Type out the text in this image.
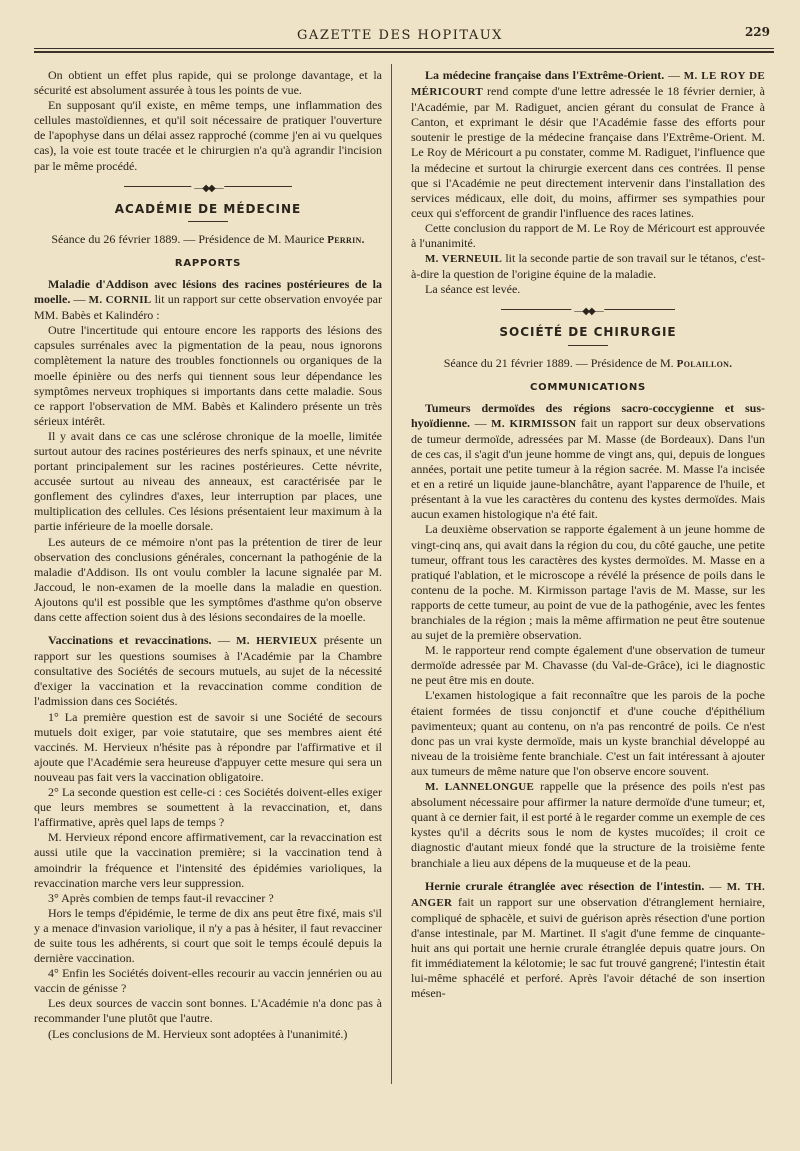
GAZETTE DES HOPITAUX	229

On obtient un effet plus rapide, qui se prolonge davantage, et la sécurité est absolument assurée à tous les points de vue.

En supposant qu'il existe, en même temps, une inflammation des cellules mastoïdiennes, et qu'il soit nécessaire de pratiquer l'ouverture de l'apophyse dans un délai assez rapproché (comme j'en ai vu quelques cas), la voie est toute tracée et le chirurgien n'a qu'à agrandir l'incision par le même procédé.

—◆◆—
ACADÉMIE DE MÉDECINE

Séance du 26 février 1889. — Présidence de M. Maurice Perrin.

RAPPORTS

Maladie d'Addison avec lésions des racines postérieures de la moelle. — M. CORNIL lit un rapport sur cette observation envoyée par MM. Babès et Kalindéro :

Outre l'incertitude qui entoure encore les rapports des lésions des capsules surrénales avec la pigmentation de la peau, nous ignorons complètement la nature des troubles fonctionnels ou organiques de la moelle épinière ou des nerfs qui tiennent sous leur dépendance les symptômes nerveux trophiques si importants dans cette maladie. Sous ce rapport l'observation de MM. Babès et Kalindero présente un très sérieux intérêt.

Il y avait dans ce cas une sclérose chronique de la moelle, limitée surtout autour des racines postérieures des nerfs spinaux, et une névrite portant principalement sur les racines postérieures. Cette névrite, accusée surtout au niveau des anneaux, est caractérisée par le gonflement des cylindres d'axes, leur interruption par places, une multiplication des cellules. Ces lésions présentaient leur maximum à la partie inférieure de la moelle dorsale.

Les auteurs de ce mémoire n'ont pas la prétention de tirer de leur observation des conclusions générales, concernant la pathogénie de la maladie d'Addison. Ils ont voulu combler la lacune signalée par M. Jaccoud, le non-examen de la moelle dans la maladie en question. Ajoutons qu'il est possible que les symptômes d'asthme qu'on observe dans cette affection soient dus à des lésions secondaires de la moelle.

Vaccinations et revaccinations. — M. HERVIEUX présente un rapport sur les questions soumises à l'Académie par la Chambre consultative des Sociétés de secours mutuels, au sujet de la nécessité d'exiger la vaccination et la revaccination comme condition de l'admission dans ces Sociétés.

1° La première question est de savoir si une Société de secours mutuels doit exiger, par voie statutaire, que ses membres aient été vaccinés. M. Hervieux n'hésite pas à répondre par l'affirmative et il ajoute que l'Académie sera heureuse d'appuyer cette mesure qui sera un nouveau pas fait vers la vaccination obligatoire.

2° La seconde question est celle-ci : ces Sociétés doivent-elles exiger que leurs membres se soumettent à la revaccination, et, dans l'affirmative, après quel laps de temps ?

M. Hervieux répond encore affirmativement, car la revaccination est aussi utile que la vaccination première; si la vaccination tend à amoindrir la fréquence et l'intensité des épidémies varioliques, la revaccination marche vers leur suppression.

3° Après combien de temps faut-il revacciner ?

Hors le temps d'épidémie, le terme de dix ans peut être fixé, mais s'il y a menace d'invasion variolique, il n'y a pas à hésiter, il faut revacciner de suite tous les adhérents, si court que soit le temps écoulé depuis la dernière vaccination.

4° Enfin les Sociétés doivent-elles recourir au vaccin jennérien ou au vaccin de génisse ?

Les deux sources de vaccin sont bonnes. L'Académie n'a donc pas à recommander l'une plutôt que l'autre.

(Les conclusions de M. Hervieux sont adoptées à l'unanimité.)

La médecine française dans l'Extrême-Orient. — M. LE ROY DE MÉRICOURT rend compte d'une lettre adressée le 18 février dernier, à l'Académie, par M. Radiguet, ancien gérant du consulat de France à Canton, et exprimant le désir que l'Académie fasse des efforts pour soutenir le prestige de la médecine française dans l'Extrême-Orient. M. Le Roy de Méricourt a pu constater, comme M. Radiguet, l'influence que la médecine et surtout la chirurgie exercent dans ces contrées. Il pense que si l'Académie ne peut directement intervenir dans l'installation des services médicaux, elle doit, du moins, affirmer ses sympathies pour ceux qui s'efforcent de grandir l'influence des races latines.

Cette conclusion du rapport de M. Le Roy de Méricourt est approuvée à l'unanimité.

M. VERNEUIL lit la seconde partie de son travail sur le tétanos, c'est-à-dire la question de l'origine équine de la maladie.

La séance est levée.

—◆◆—
SOCIÉTÉ DE CHIRURGIE

Séance du 21 février 1889. — Présidence de M. Polaillon.

COMMUNICATIONS

Tumeurs dermoïdes des régions sacro-coccygienne et sus-hyoïdienne. — M. KIRMISSON fait un rapport sur deux observations de tumeur dermoïde, adressées par M. Masse (de Bordeaux). Dans l'un de ces cas, il s'agit d'un jeune homme de vingt ans, qui, depuis de longues années, portait une petite tumeur à la région sacrée. M. Masse l'a incisée et en a retiré un liquide jaune-blanchâtre, ayant l'apparence de l'huile, et présentant à la vue les caractères du contenu des kystes dermoïdes. Mais aucun examen histologique n'a été fait.

La deuxième observation se rapporte également à un jeune homme de vingt-cinq ans, qui avait dans la région du cou, du côté gauche, une petite tumeur, offrant tous les caractères des kystes dermoïdes. M. Masse en a pratiqué l'ablation, et le microscope a révélé la présence de poils dans le contenu de la poche. M. Kirmisson partage l'avis de M. Masse, sur les rapports de cette tumeur, au point de vue de la pathogénie, avec les fentes branchiales de la région ; mais la même affirmation ne peut être soutenue au sujet de la première observation.

M. le rapporteur rend compte également d'une observation de tumeur dermoïde adressée par M. Chavasse (du Val-de-Grâce), ici le diagnostic ne peut être mis en doute.

L'examen histologique a fait reconnaître que les parois de la poche étaient formées de tissu conjonctif et d'une couche d'épithélium pavimenteux; quant au contenu, on n'a pas rencontré de poils. Ce n'est donc pas un vrai kyste dermoïde, mais un kyste branchial développé au niveau de la troisième fente branchiale. C'est un fait intéressant à ajouter aux tumeurs de même nature que l'on observe encore souvent.

M. LANNELONGUE rappelle que la présence des poils n'est pas absolument nécessaire pour affirmer la nature dermoïde d'une tumeur; et, quant à ce dernier fait, il est porté à le regarder comme un exemple de ces kystes qu'il a décrits sous le nom de kystes mucoïdes; il croit ce diagnostic d'autant mieux fondé que la structure de la troisième fente branchiale a lieu aux dépens de la muqueuse et de la peau.

Hernie crurale étranglée avec résection de l'intestin. — M. TH. ANGER fait un rapport sur une observation d'étranglement herniaire, compliqué de sphacèle, et suivi de guérison après résection d'une portion d'anse intestinale, par M. Martinet. Il s'agit d'une femme de cinquante-huit ans qui portait une hernie crurale étranglée depuis quatre jours. On fit immédiatement la kélotomie; le sac fut trouvé gangrené; l'intestin était lui-même sphacélé et perforé. Après l'avoir détaché de son insertion mésen-
